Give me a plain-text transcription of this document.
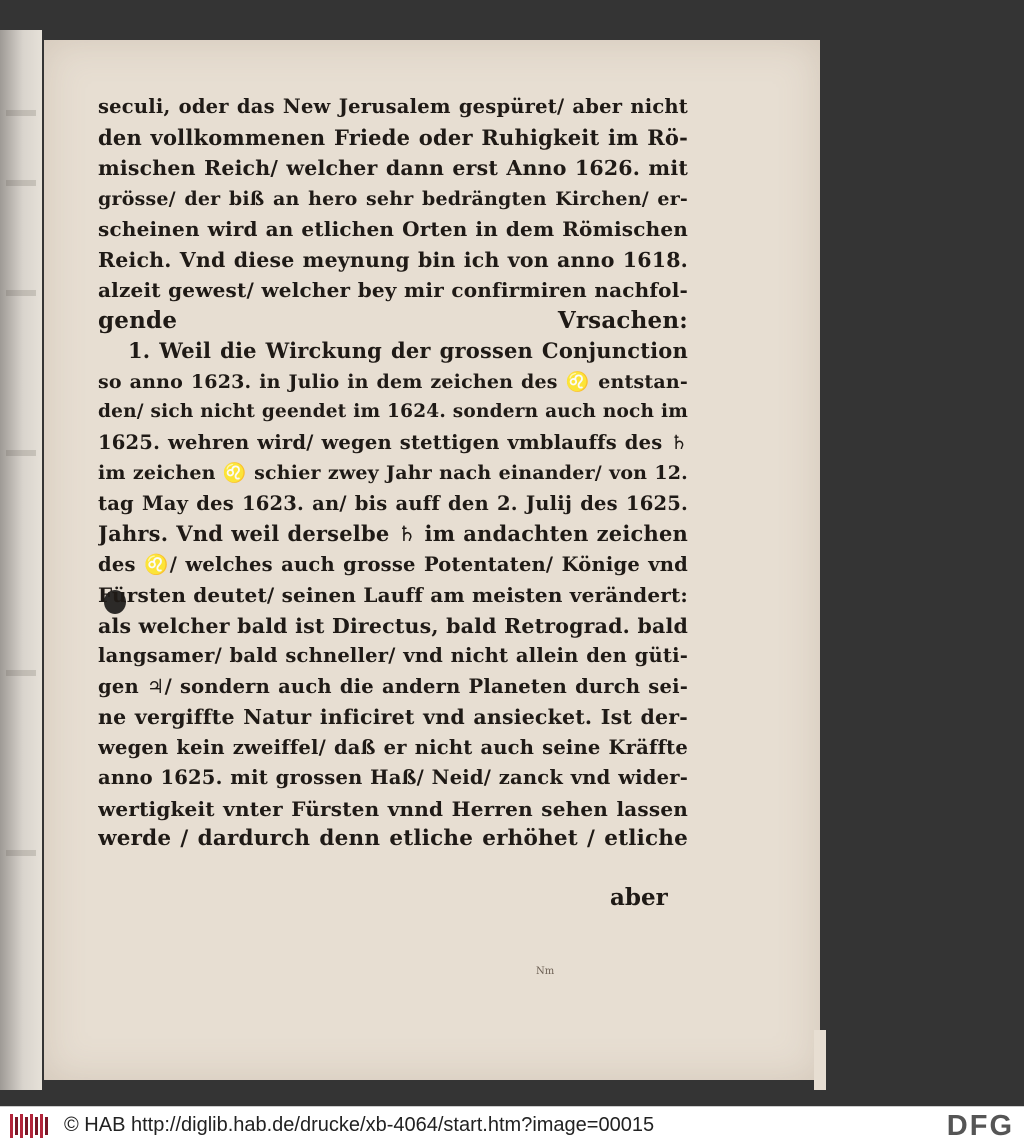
seculi, oder das New Jerusalem gespüret/ aber nicht
den vollkommenen Friede oder Ruhigkeit im Rö-
mischen Reich/ welcher dann erst Anno 1626. mit
grösse/ der biß an hero sehr bedrängten Kirchen/ er-
scheinen wird an etlichen Orten in dem Römischen
Reich. Vnd diese meynung bin ich von anno 1618.
alzeit gewest/ welcher bey mir confirmiren nachfol-
gende Vrsachen:
1. Weil die Wirckung der grossen Conjunction
so anno 1623. in Julio in dem zeichen des ♌ entstan-
den/ sich nicht geendet im 1624. sondern auch noch im
1625. wehren wird/ wegen stettigen vmblauffs des ♄
im zeichen ♌ schier zwey Jahr nach einander/ von 12.
tag May des 1623. an/ bis auff den 2. Julij des 1625.
Jahrs. Vnd weil derselbe ♄ im andachten zeichen
des ♌/ welches auch grosse Potentaten/ Könige vnd
Fürsten deutet/ seinen Lauff am meisten verändert:
als welcher bald ist Directus, bald Retrograd. bald
langsamer/ bald schneller/ vnd nicht allein den güti-
gen ♃/ sondern auch die andern Planeten durch sei-
ne vergiffte Natur inficiret vnd ansiecket. Ist der-
wegen kein zweiffel/ daß er nicht auch seine Kräffte
anno 1625. mit grossen Haß/ Neid/ zanck vnd wider-
wertigkeit vnter Fürsten vnnd Herren sehen lassen
werde / dardurch denn etliche erhöhet / etliche
aber
Nm
© HAB http://diglib.hab.de/drucke/xb-4064/start.htm?image=00015	DFG
